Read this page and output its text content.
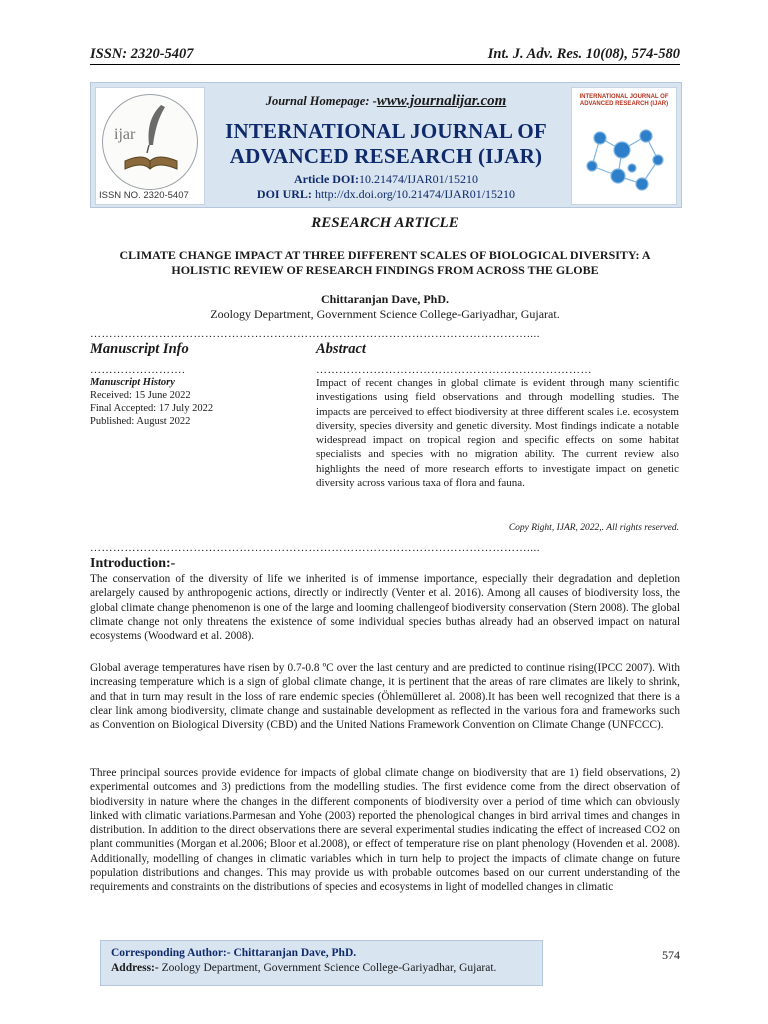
ISSN: 2320-5407	Int. J. Adv. Res. 10(08), 574-580
ijar
ISSN NO. 2320-5407
Journal Homepage: -www.journalijar.com
INTERNATIONAL JOURNAL OF
ADVANCED RESEARCH (IJAR)
Article DOI:10.21474/IJAR01/15210
DOI URL: http://dx.doi.org/10.21474/IJAR01/15210
INTERNATIONAL JOURNAL OF ADVANCED RESEARCH (IJAR)
RESEARCH ARTICLE
CLIMATE CHANGE IMPACT AT THREE DIFFERENT SCALES OF BIOLOGICAL DIVERSITY: A
HOLISTIC REVIEW OF RESEARCH FINDINGS FROM ACROSS THE GLOBE
Chittaranjan Dave, PhD.
Zoology Department, Government Science College-Gariyadhar, Gujarat.
……………………………………………………………………………………………………....
Manuscript Info	Abstract
…………………….	………………………………………………………………
Manuscript History
Received: 15 June 2022
Final Accepted: 17 July 2022
Published: August 2022
Impact of recent changes in global climate is evident through many scientific investigations using field observations and through modelling studies. The impacts are perceived to effect biodiversity at three different scales i.e. ecosystem diversity, species diversity and genetic diversity. Most findings indicate a notable widespread impact on tropical region and specific effects on some habitat specialists and species with no migration ability. The current review also highlights the need of more research efforts to investigate impact on genetic diversity across various taxa of flora and fauna.
Copy Right, IJAR, 2022,. All rights reserved.
……………………………………………………………………………………………………....
Introduction:-

The conservation of the diversity of life we inherited is of immense importance, especially their degradation and depletion arelargely caused by anthropogenic actions, directly or indirectly (Venter et al. 2016). Among all causes of biodiversity loss, the global climate change phenomenon is one of the large and looming challengeof biodiversity conservation (Stern 2008). The global climate change not only threatens the existence of some individual species buthas already had an observed impact on natural ecosystems (Woodward et al. 2008).

Global average temperatures have risen by 0.7-0.8 ºC over the last century and are predicted to continue rising(IPCC 2007). With increasing temperature which is a sign of global climate change, it is pertinent that the areas of rare climates are likely to shrink, and that in turn may result in the loss of rare endemic species (Öhlemülleret al. 2008).It has been well recognized that there is a clear link among biodiversity, climate change and sustainable development as reflected in the various fora and frameworks such as Convention on Biological Diversity (CBD) and the United Nations Framework Convention on Climate Change (UNFCCC).

Three principal sources provide evidence for impacts of global climate change on biodiversity that are 1) field observations, 2) experimental outcomes and 3) predictions from the modelling studies. The first evidence come from the direct observation of biodiversity in nature where the changes in the different components of biodiversity over a period of time which can obviously linked with climatic variations.Parmesan and Yohe (2003) reported the phenological changes in bird arrival times and changes in distribution. In addition to the direct observations there are several experimental studies indicating the effect of increased CO2 on plant communities (Morgan et al.2006; Bloor et al.2008), or effect of temperature rise on plant phenology (Hovenden et al. 2008). Additionally, modelling of changes in climatic variables which in turn help to project the impacts of climate change on future population distributions and changes. This may provide us with probable outcomes based on our current understanding of the requirements and constraints on the distributions of species and ecosystems in light of modelled changes in climatic

Corresponding Author:- Chittaranjan Dave, PhD.
Address:- Zoology Department, Government Science College-Gariyadhar, Gujarat.
574
